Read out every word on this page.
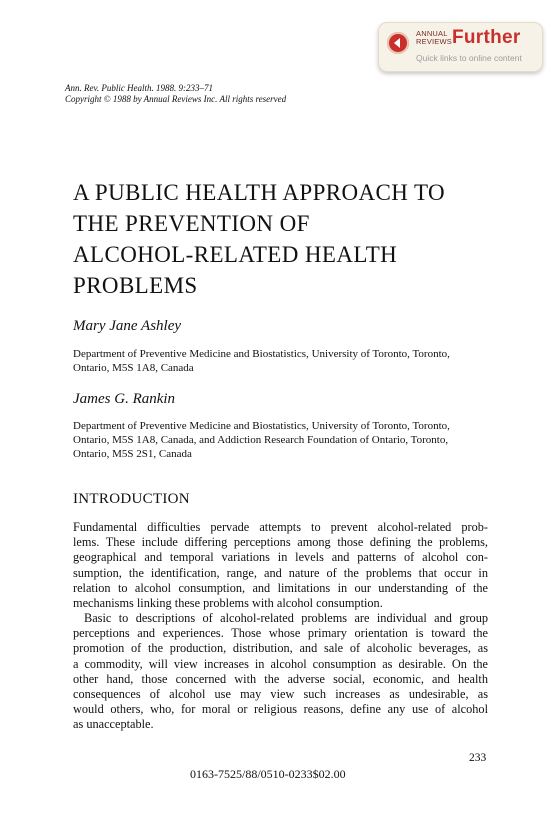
ANNUAL
REVIEWS Further
Quick links to online content
Ann. Rev. Public Health. 1988. 9:233–71
Copyright © 1988 by Annual Reviews Inc. All rights reserved
A PUBLIC HEALTH APPROACH TO
THE PREVENTION OF
ALCOHOL-RELATED HEALTH
PROBLEMS
Mary Jane Ashley
Department of Preventive Medicine and Biostatistics, University of Toronto, Toronto,
Ontario, M5S 1A8, Canada
James G. Rankin
Department of Preventive Medicine and Biostatistics, University of Toronto, Toronto,
Ontario, M5S 1A8, Canada, and Addiction Research Foundation of Ontario, Toronto,
Ontario, M5S 2S1, Canada
INTRODUCTION
Fundamental difficulties pervade attempts to prevent alcohol-related prob-
lems. These include differing perceptions among those defining the problems,
geographical and temporal variations in levels and patterns of alcohol con-
sumption, the identification, range, and nature of the problems that occur in
relation to alcohol consumption, and limitations in our understanding of the
mechanisms linking these problems with alcohol consumption.
Basic to descriptions of alcohol-related problems are individual and group
perceptions and experiences. Those whose primary orientation is toward the
promotion of the production, distribution, and sale of alcoholic beverages, as
a commodity, will view increases in alcohol consumption as desirable. On the
other hand, those concerned with the adverse social, economic, and health
consequences of alcohol use may view such increases as undesirable, as
would others, who, for moral or religious reasons, define any use of alcohol
as unacceptable.
233
0163-7525/88/0510-0233$02.00
